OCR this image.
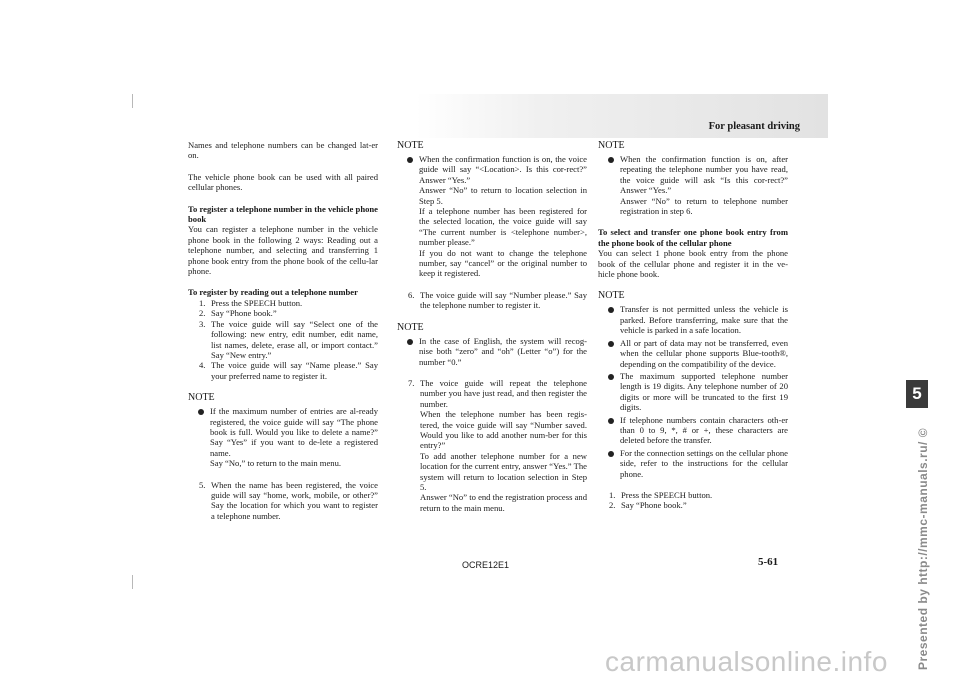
For pleasant driving

Names and telephone numbers can be changed lat-er on.

The vehicle phone book can be used with all paired cellular phones.

To register a telephone number in the vehicle phone book

You can register a telephone number in the vehicle phone book in the following 2 ways: Reading out a telephone number, and selecting and transferring 1 phone book entry from the phone book of the cellu-lar phone.

To register by reading out a telephone number

1. Press the SPEECH button.

2. Say “Phone book.”

3. The voice guide will say “Select one of the following: new entry, edit number, edit name, list names, delete, erase all, or import contact.” Say “New entry.”

4. The voice guide will say “Name please.” Say your preferred name to register it.

NOTE

If the maximum number of entries are al-ready registered, the voice guide will say “The phone book is full. Would you like to delete a name?” Say “Yes” if you want to de-lete a registered name.

Say “No,” to return to the main menu.

5. When the name has been registered, the voice guide will say “home, work, mobile, or other?” Say the location for which you want to register a telephone number.

NOTE

When the confirmation function is on, the voice guide will say “<Location>. Is this cor-rect?” Answer “Yes.”

Answer “No” to return to location selection in Step 5.

If a telephone number has been registered for the selected location, the voice guide will say “The current number is <telephone number>, number please.”

If you do not want to change the telephone number, say “cancel” or the original number to keep it registered.

6. The voice guide will say “Number please.” Say the telephone number to register it.

NOTE

In the case of English, the system will recog-nise both “zero” and “oh” (Letter “o”) for the number “0.”

7. The voice guide will repeat the telephone number you have just read, and then register the number.

When the telephone number has been regis-tered, the voice guide will say “Number saved. Would you like to add another num-ber for this entry?”

To add another telephone number for a new location for the current entry, answer “Yes.” The system will return to location selection in Step 5.

Answer “No” to end the registration process and return to the main menu.

NOTE

When the confirmation function is on, after repeating the telephone number you have read, the voice guide will ask “Is this cor-rect?” Answer “Yes.”

Answer “No” to return to telephone number registration in step 6.

To select and transfer one phone book entry from the phone book of the cellular phone

You can select 1 phone book entry from the phone book of the cellular phone and register it in the ve-hicle phone book.

NOTE

Transfer is not permitted unless the vehicle is parked. Before transferring, make sure that the vehicle is parked in a safe location.

All or part of data may not be transferred, even when the cellular phone supports Blue-tooth®, depending on the compatibility of the device.

The maximum supported telephone number length is 19 digits. Any telephone number of 20 digits or more will be truncated to the first 19 digits.

If telephone numbers contain characters oth-er than 0 to 9, *, # or +, these characters are deleted before the transfer.

For the connection settings on the cellular phone side, refer to the instructions for the cellular phone.

1. Press the SPEECH button.

2. Say “Phone book.”	Presented by http://mmc-manuals.ru/ ©
5
OCRE12E1	5-61
carmanualsonline.info
